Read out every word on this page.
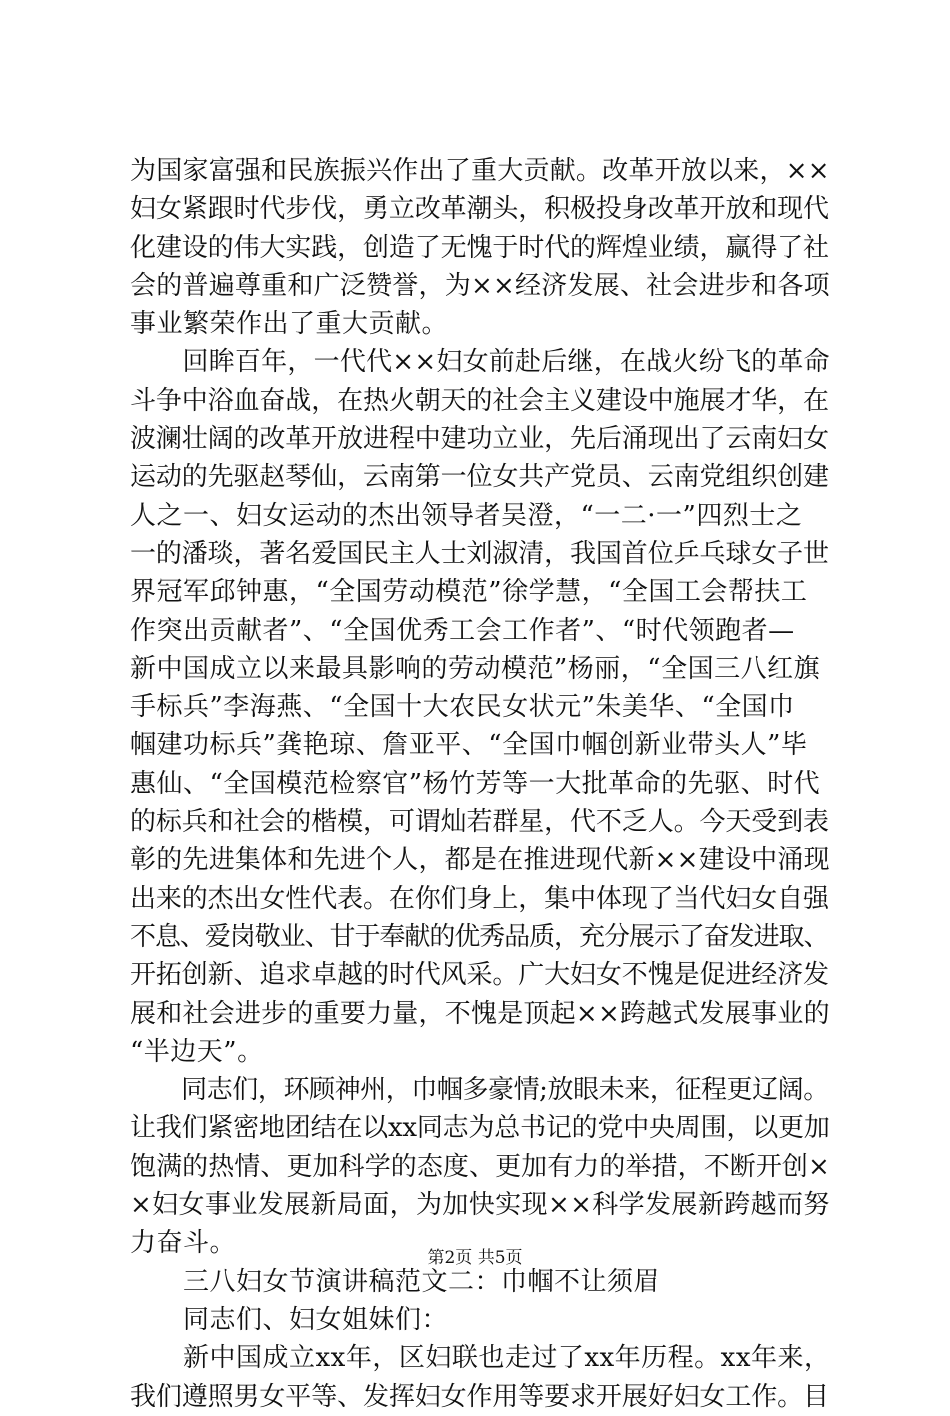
为国家富强和民族振兴作出了重大贡献。改革开放以来，××
妇女紧跟时代步伐，勇立改革潮头，积极投身改革开放和现代
化建设的伟大实践，创造了无愧于时代的辉煌业绩，赢得了社
会的普遍尊重和广泛赞誉，为××经济发展、社会进步和各项
事业繁荣作出了重大贡献。
　　回眸百年，一代代××妇女前赴后继，在战火纷飞的革命
斗争中浴血奋战，在热火朝天的社会主义建设中施展才华，在
波澜壮阔的改革开放进程中建功立业，先后涌现出了云南妇女
运动的先驱赵琴仙，云南第一位女共产党员、云南党组织创建
人之一、妇女运动的杰出领导者吴澄，“一二·一”四烈士之
一的潘琰，著名爱国民主人士刘淑清，我国首位乒乓球女子世
界冠军邱钟惠，“全国劳动模范”徐学慧，“全国工会帮扶工
作突出贡献者”、“全国优秀工会工作者”、“时代领跑者—
新中国成立以来最具影响的劳动模范”杨丽，“全国三八红旗
手标兵”李海燕、“全国十大农民女状元”朱美华、“全国巾
帼建功标兵”龚艳琼、詹亚平、“全国巾帼创新业带头人”毕
惠仙、“全国模范检察官”杨竹芳等一大批革命的先驱、时代
的标兵和社会的楷模，可谓灿若群星，代不乏人。今天受到表
彰的先进集体和先进个人，都是在推进现代新××建设中涌现
出来的杰出女性代表。在你们身上，集中体现了当代妇女自强
不息、爱岗敬业、甘于奉献的优秀品质，充分展示了奋发进取、
开拓创新、追求卓越的时代风采。广大妇女不愧是促进经济发
展和社会进步的重要力量，不愧是顶起××跨越式发展事业的
“半边天”。
　　同志们，环顾神州，巾帼多豪情;放眼未来，征程更辽阔。
让我们紧密地团结在以xx同志为总书记的党中央周围，以更加
饱满的热情、更加科学的态度、更加有力的举措，不断开创×
×妇女事业发展新局面，为加快实现××科学发展新跨越而努
力奋斗。
　　三八妇女节演讲稿范文二：巾帼不让须眉
　　同志们、妇女姐妹们：
　　新中国成立xx年，区妇联也走过了xx年历程。xx年来，
我们遵照男女平等、发挥妇女作用等要求开展好妇女工作。目
第2页 共5页
